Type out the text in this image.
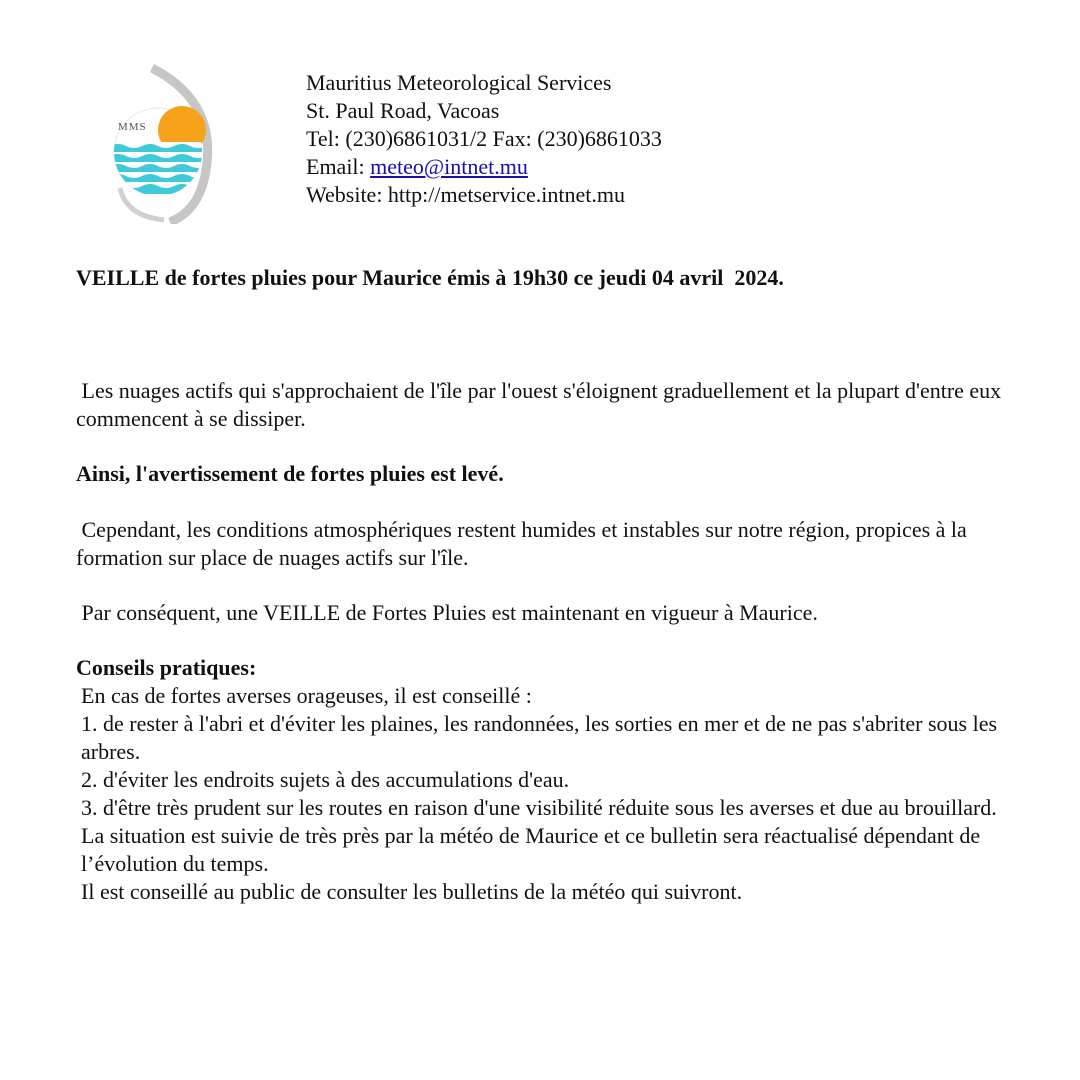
MMS
Mauritius Meteorological Services
St. Paul Road, Vacoas
Tel: (230)6861031/2 Fax: (230)6861033
Email: meteo@intnet.mu
Website: http://metservice.intnet.mu
VEILLE de fortes pluies pour Maurice émis à 19h30 ce jeudi 04 avril  2024.
Les nuages actifs qui s'approchaient de l'île par l'ouest s'éloignent graduellement et la plupart d'entre eux commencent à se dissiper.
Ainsi, l'avertissement de fortes pluies est levé.
Cependant, les conditions atmosphériques restent humides et instables sur notre région, propices à la formation sur place de nuages actifs sur l'île.
Par conséquent, une VEILLE de Fortes Pluies est maintenant en vigueur à Maurice.
Conseils pratiques:
En cas de fortes averses orageuses, il est conseillé :
1. de rester à l'abri et d'éviter les plaines, les randonnées, les sorties en mer et de ne pas s'abriter sous les arbres.
2. d'éviter les endroits sujets à des accumulations d'eau.
3. d'être très prudent sur les routes en raison d'une visibilité réduite sous les averses et due au brouillard.
La situation est suivie de très près par la météo de Maurice et ce bulletin sera réactualisé dépendant de l’évolution du temps.
Il est conseillé au public de consulter les bulletins de la météo qui suivront.
